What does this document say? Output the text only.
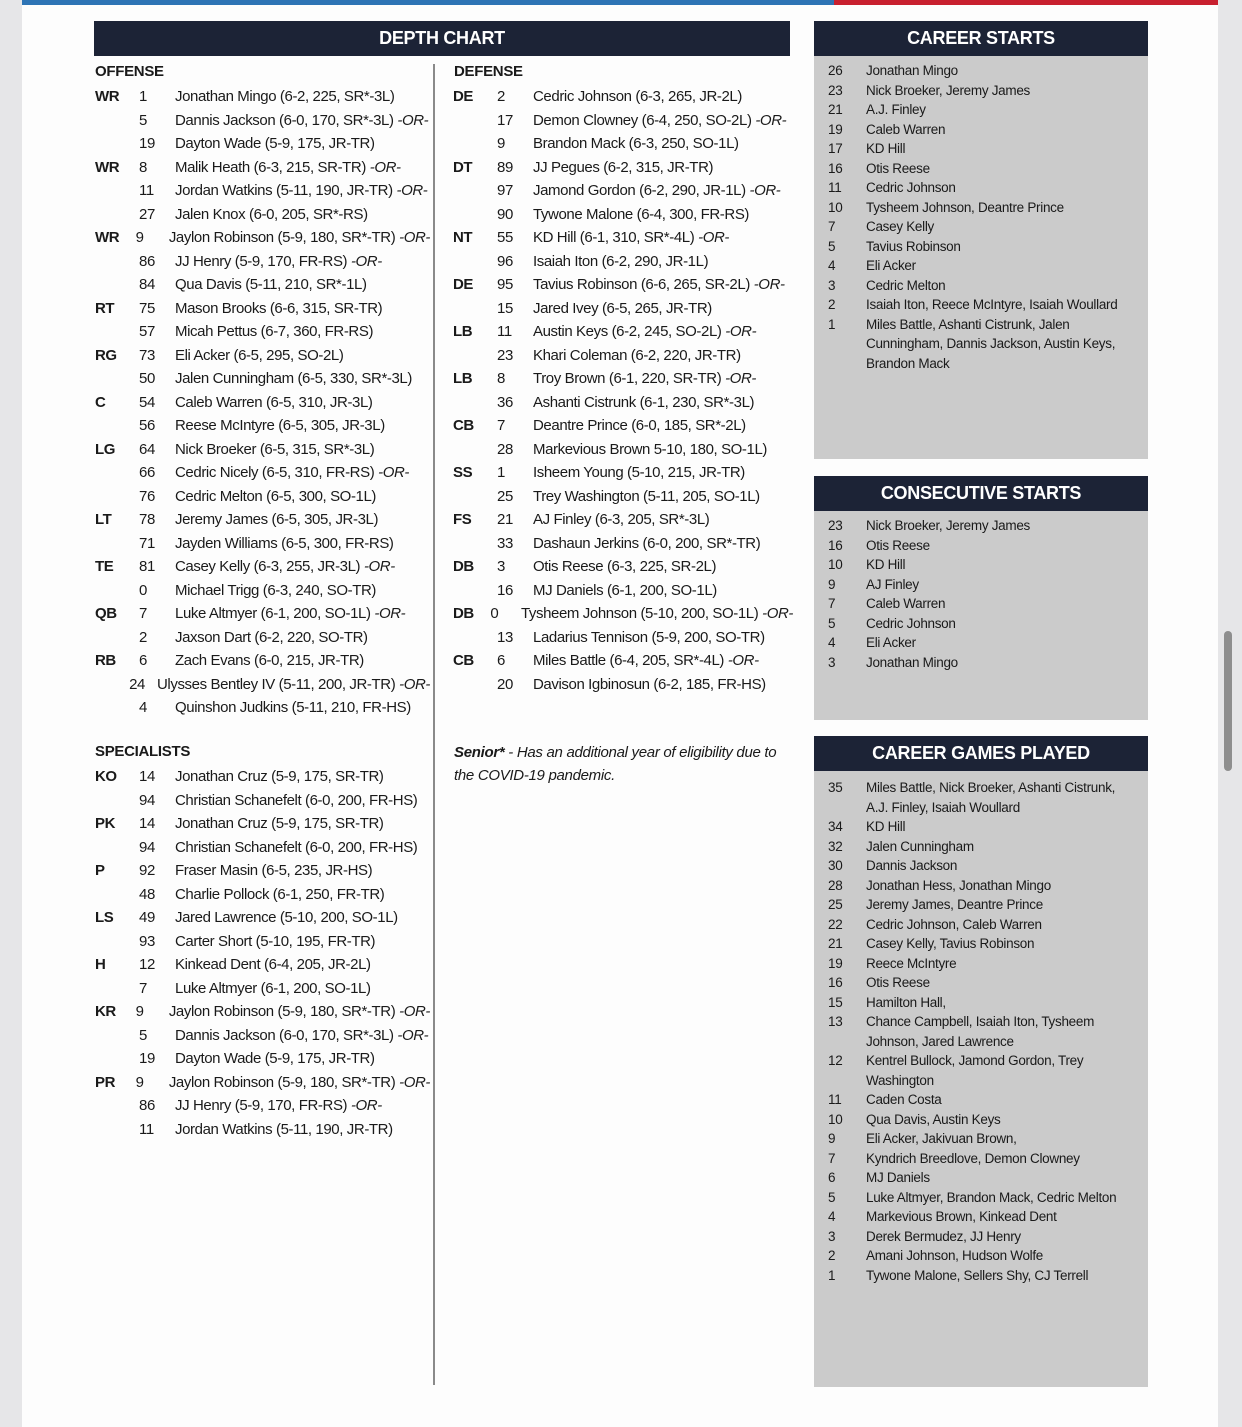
DEPTH CHART
OFFENSE
WR	1	Jonathan Mingo (6-2, 225, SR*-3L)
5	Dannis Jackson (6-0, 170, SR*-3L) -OR-
19	Dayton Wade (5-9, 175, JR-TR)
WR	8	Malik Heath (6-3, 215, SR-TR) -OR-
11	Jordan Watkins (5-11, 190, JR-TR) -OR-
27	Jalen Knox (6-0, 205, SR*-RS)
WR	9	Jaylon Robinson (5-9, 180, SR*-TR) -OR-
86	JJ Henry (5-9, 170, FR-RS) -OR-
84	Qua Davis (5-11, 210, SR*-1L)
RT	75	Mason Brooks (6-6, 315, SR-TR)
57	Micah Pettus (6-7, 360, FR-RS)
RG	73	Eli Acker (6-5, 295, SO-2L)
50	Jalen Cunningham (6-5, 330, SR*-3L)
C	54	Caleb Warren (6-5, 310, JR-3L)
56	Reese McIntyre (6-5, 305, JR-3L)
LG	64	Nick Broeker (6-5, 315, SR*-3L)
66	Cedric Nicely (6-5, 310, FR-RS) -OR-
76	Cedric Melton (6-5, 300, SO-1L)
LT	78	Jeremy James (6-5, 305, JR-3L)
71	Jayden Williams (6-5, 300, FR-RS)
TE	81	Casey Kelly (6-3, 255, JR-3L) -OR-
0	Michael Trigg (6-3, 240, SO-TR)
QB	7	Luke Altmyer (6-1, 200, SO-1L) -OR-
2	Jaxson Dart (6-2, 220, SO-TR)
RB	6	Zach Evans (6-0, 215, JR-TR)
24 Ulysses Bentley IV (5-11, 200, JR-TR) -OR-
4	Quinshon Judkins (5-11, 210, FR-HS)
DEFENSE
DE	2	Cedric Johnson (6-3, 265, JR-2L)
17	Demon Clowney (6-4, 250, SO-2L) -OR-
9	Brandon Mack (6-3, 250, SO-1L)
DT	89	JJ Pegues (6-2, 315, JR-TR)
97	Jamond Gordon (6-2, 290, JR-1L) -OR-
90	Tywone Malone (6-4, 300, FR-RS)
NT	55	KD Hill (6-1, 310, SR*-4L) -OR-
96	Isaiah Iton (6-2, 290, JR-1L)
DE	95	Tavius Robinson (6-6, 265, SR-2L) -OR-
15	Jared Ivey (6-5, 265, JR-TR)
LB	11	Austin Keys (6-2, 245, SO-2L) -OR-
23	Khari Coleman (6-2, 220, JR-TR)
LB	8	Troy Brown (6-1, 220, SR-TR) -OR-
36	Ashanti Cistrunk (6-1, 230, SR*-3L)
CB	7	Deantre Prince (6-0, 185, SR*-2L)
28	Markevious Brown 5-10, 180, SO-1L)
SS	1	Isheem Young (5-10, 215, JR-TR)
25	Trey Washington (5-11, 205, SO-1L)
FS	21	AJ Finley (6-3, 205, SR*-3L)
33	Dashaun Jerkins (6-0, 200, SR*-TR)
DB	3	Otis Reese (6-3, 225, SR-2L)
16	MJ Daniels (6-1, 200, SO-1L)
DB	0	Tysheem Johnson (5-10, 200, SO-1L) -OR-
13	Ladarius Tennison (5-9, 200, SO-TR)
CB	6	Miles Battle (6-4, 205, SR*-4L) -OR-
20	Davison Igbinosun (6-2, 185, FR-HS)
SPECIALISTS
KO	14	Jonathan Cruz (5-9, 175, SR-TR)
94	Christian Schanefelt (6-0, 200, FR-HS)
PK	14	Jonathan Cruz (5-9, 175, SR-TR)
94	Christian Schanefelt (6-0, 200, FR-HS)
P	92	Fraser Masin (6-5, 235, JR-HS)
48	Charlie Pollock (6-1, 250, FR-TR)
LS	49	Jared Lawrence (5-10, 200, SO-1L)
93	Carter Short (5-10, 195, FR-TR)
H	12	Kinkead Dent (6-4, 205, JR-2L)
7	Luke Altmyer (6-1, 200, SO-1L)
KR	9	Jaylon Robinson (5-9, 180, SR*-TR) -OR-
5	Dannis Jackson (6-0, 170, SR*-3L) -OR-
19	Dayton Wade (5-9, 175, JR-TR)
PR	9	Jaylon Robinson (5-9, 180, SR*-TR) -OR-
86	JJ Henry (5-9, 170, FR-RS) -OR-
11	Jordan Watkins (5-11, 190, JR-TR)
Senior* - Has an additional year of eligibility due to the COVID-19 pandemic.
CAREER STARTS
26	Jonathan Mingo
23	Nick Broeker, Jeremy James
21	A.J. Finley
19	Caleb Warren
17	KD Hill
16	Otis Reese
11	Cedric Johnson
10	Tysheem Johnson, Deantre Prince
7	Casey Kelly
5	Tavius Robinson
4	Eli Acker
3	Cedric Melton
2	Isaiah Iton, Reece McIntyre, Isaiah Woullard
1	Miles Battle, Ashanti Cistrunk, Jalen Cunningham, Dannis Jackson, Austin Keys, Brandon Mack
CONSECUTIVE STARTS
23	Nick Broeker, Jeremy James
16	Otis Reese
10	KD Hill
9	AJ Finley
7	Caleb Warren
5	Cedric Johnson
4	Eli Acker
3	Jonathan Mingo
CAREER GAMES PLAYED
35	Miles Battle, Nick Broeker, Ashanti Cistrunk, A.J. Finley, Isaiah Woullard
34	KD Hill
32	Jalen Cunningham
30	Dannis Jackson
28	Jonathan Hess, Jonathan Mingo
25	Jeremy James, Deantre Prince
22	Cedric Johnson, Caleb Warren
21	Casey Kelly, Tavius Robinson
19	Reece McIntyre
16	Otis Reese
15	Hamilton Hall,
13	Chance Campbell, Isaiah Iton, Tysheem Johnson, Jared Lawrence
12	Kentrel Bullock, Jamond Gordon, Trey Washington
11	Caden Costa
10	Qua Davis, Austin Keys
9	Eli Acker, Jakivuan Brown,
7	Kyndrich Breedlove, Demon Clowney
6	MJ Daniels
5	Luke Altmyer, Brandon Mack, Cedric Melton
4	Markevious Brown, Kinkead Dent
3	Derek Bermudez, JJ Henry
2	Amani Johnson, Hudson Wolfe
1	Tywone Malone, Sellers Shy, CJ Terrell
